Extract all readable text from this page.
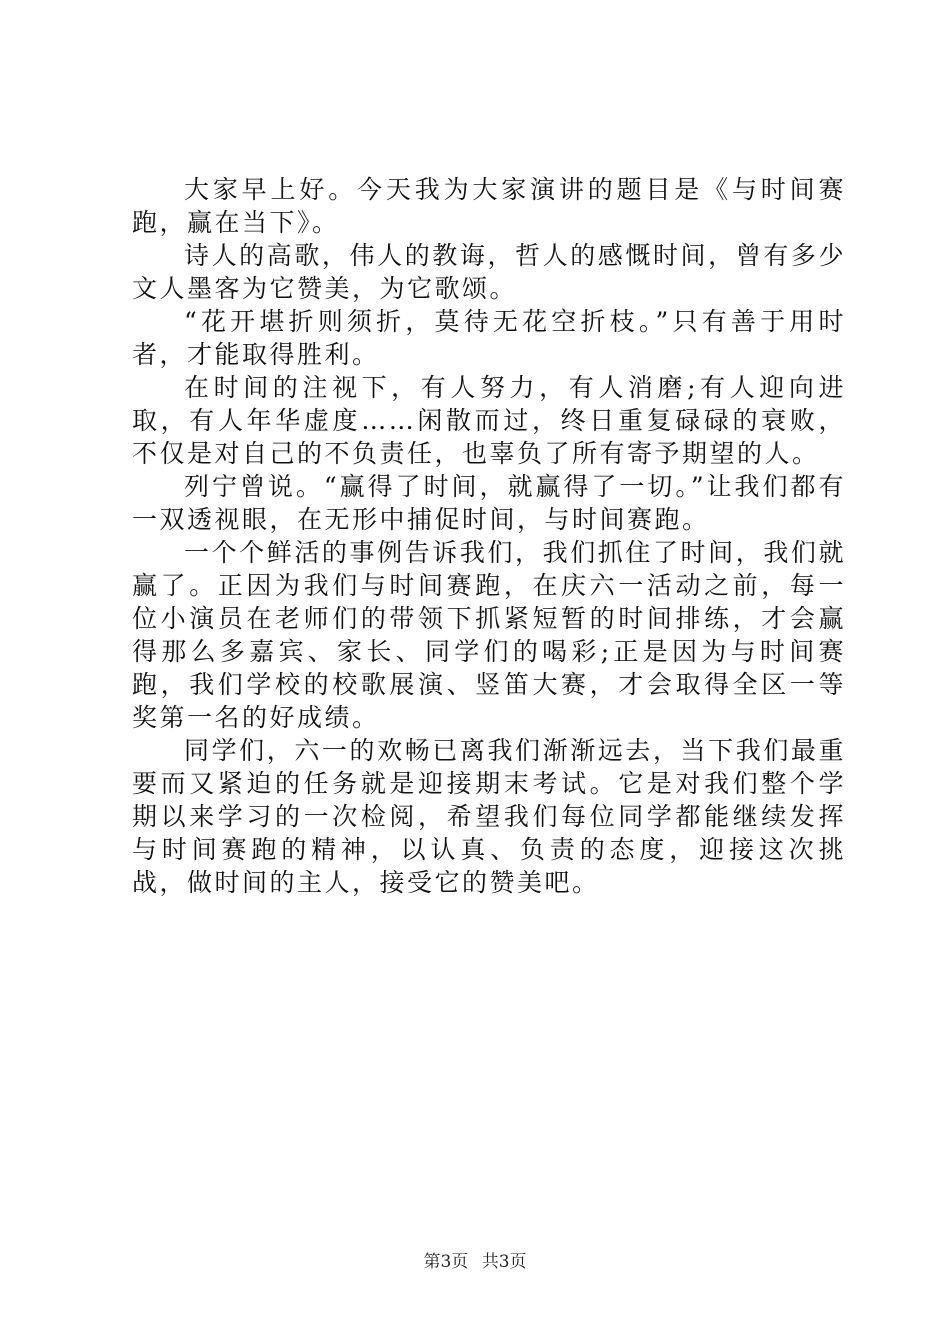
大家早上好。今天我为大家演讲的题目是《与时间赛跑，赢在当下》。

诗人的高歌，伟人的教诲，哲人的感慨时间，曾有多少文人墨客为它赞美，为它歌颂。

“花开堪折则须折，莫待无花空折枝。”只有善于用时者，才能取得胜利。

在时间的注视下，有人努力，有人消磨;有人迎向进取，有人年华虚度……闲散而过，终日重复碌碌的衰败，不仅是对自己的不负责任，也辜负了所有寄予期望的人。

列宁曾说。“赢得了时间，就赢得了一切。”让我们都有一双透视眼，在无形中捕促时间，与时间赛跑。

一个个鲜活的事例告诉我们，我们抓住了时间，我们就赢了。正因为我们与时间赛跑，在庆六一活动之前，每一位小演员在老师们的带领下抓紧短暂的时间排练，才会赢得那么多嘉宾、家长、同学们的喝彩;正是因为与时间赛跑，我们学校的校歌展演、竖笛大赛，才会取得全区一等奖第一名的好成绩。

同学们，六一的欢畅已离我们渐渐远去，当下我们最重要而又紧迫的任务就是迎接期末考试。它是对我们整个学期以来学习的一次检阅，希望我们每位同学都能继续发挥与时间赛跑的精神，以认真、负责的态度，迎接这次挑战，做时间的主人，接受它的赞美吧。

第3页 共3页
